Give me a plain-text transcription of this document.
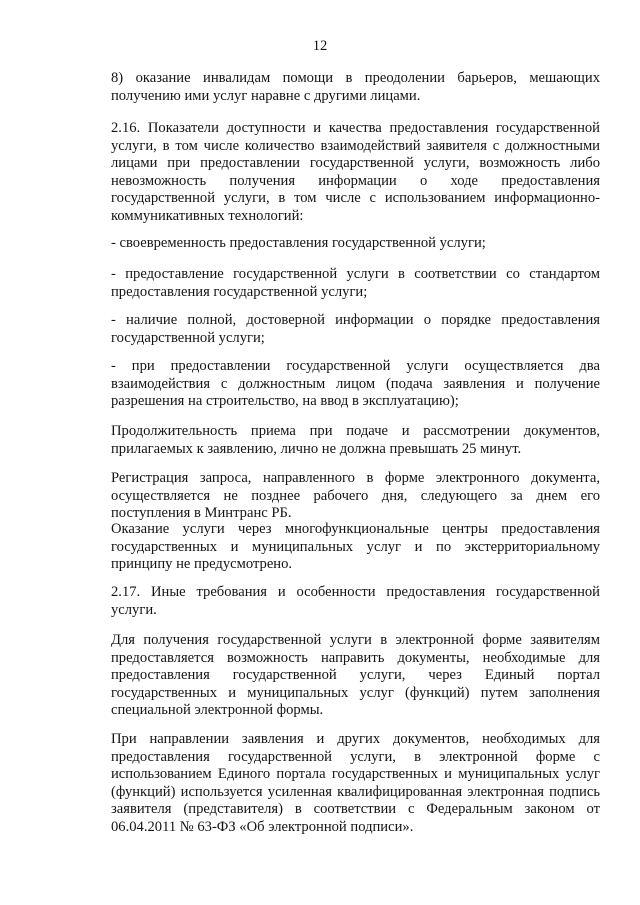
12

8) оказание инвалидам помощи в преодолении барьеров, мешающих получению ими услуг наравне с другими лицами.

2.16. Показатели доступности и качества предоставления государственной услуги, в том числе количество взаимодействий заявителя с должностными лицами при предоставлении государственной услуги, возможность либо невозможность получения информации о ходе предоставления государственной услуги, в том числе с использованием информационно-коммуникативных технологий:

- своевременность предоставления государственной услуги;

- предоставление государственной услуги в соответствии со стандартом предоставления государственной услуги;

- наличие полной, достоверной информации о порядке предоставления государственной услуги;

- при предоставлении государственной услуги осуществляется два взаимодействия с должностным лицом (подача заявления и получение разрешения на строительство, на ввод в эксплуатацию);

Продолжительность приема при подаче и рассмотрении документов, прилагаемых к заявлению, лично не должна превышать 25 минут.

Регистрация запроса, направленного в форме электронного документа, осуществляется не позднее рабочего дня, следующего за днем его поступления в Минтранс РБ.

Оказание услуги через многофункциональные центры предоставления государственных и муниципальных услуг и по экстерриториальному принципу не предусмотрено.

2.17. Иные требования и особенности предоставления государственной услуги.

Для получения государственной услуги в электронной форме заявителям предоставляется возможность направить документы, необходимые для предоставления государственной услуги, через Единый портал государственных и муниципальных услуг (функций) путем заполнения специальной электронной формы.

При направлении заявления и других документов, необходимых для предоставления государственной услуги, в электронной форме с использованием Единого портала государственных и муниципальных услуг (функций) используется усиленная квалифицированная электронная подпись заявителя (представителя) в соответствии с Федеральным законом от 06.04.2011 № 63-ФЗ «Об электронной подписи».
